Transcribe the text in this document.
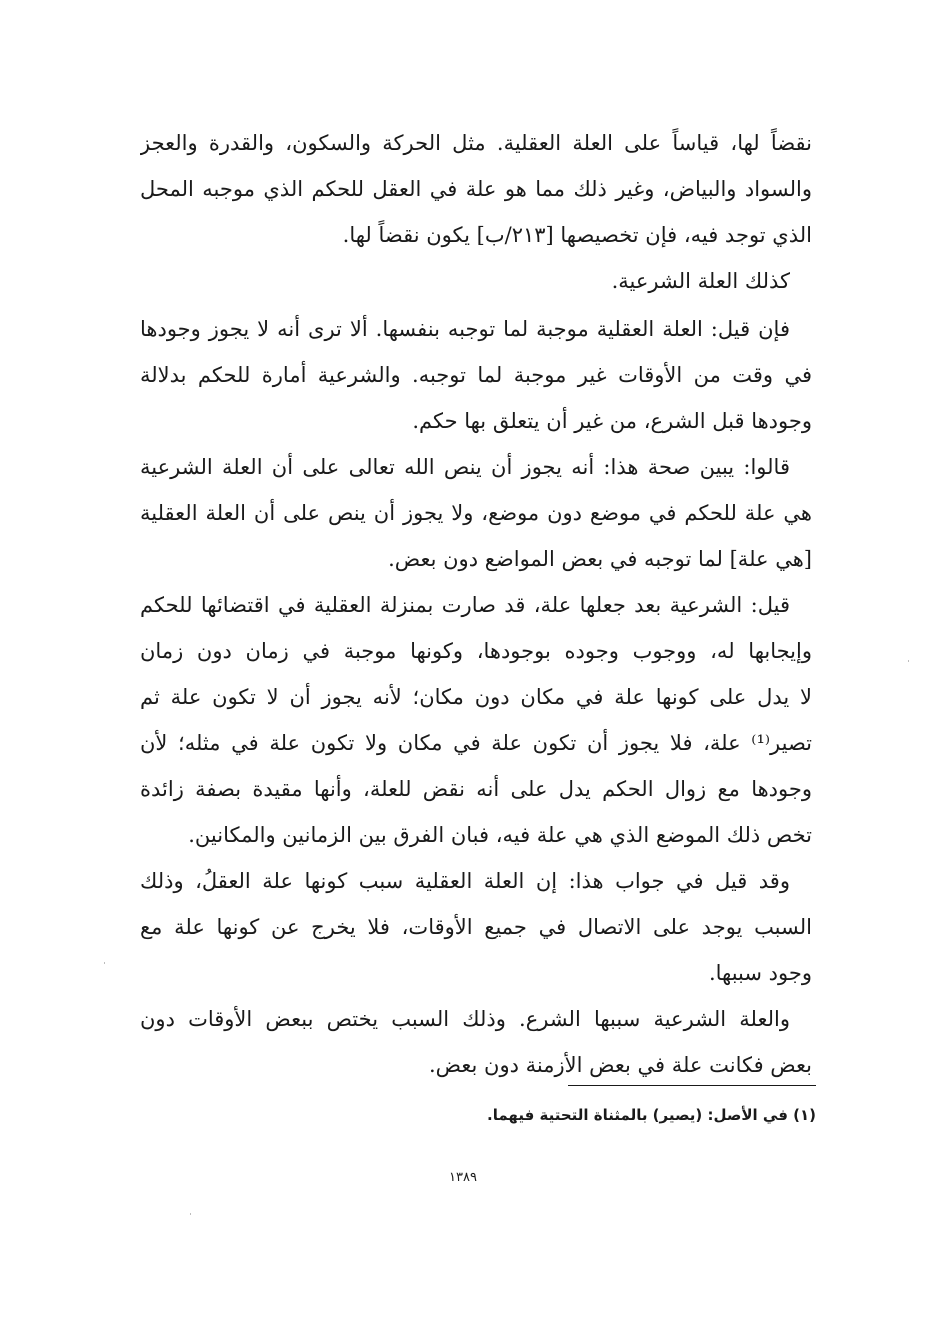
نقضاً لها، قياساً على العلة العقلية. مثل الحركة والسكون، والقدرة والعجز
والسواد والبياض، وغير ذلك مما هو علة في العقل للحكم الذي موجبه المحل
الذي توجد فيه، فإن تخصيصها [٢١٣/ب] يكون نقضاً لها.
كذلك العلة الشرعية.
فإن قيل: العلة العقلية موجبة لما توجبه بنفسها. ألا ترى أنه لا يجوز وجودها
في وقت من الأوقات غير موجبة لما توجبه. والشرعية أمارة للحكم بدلالة
وجودها قبل الشرع، من غير أن يتعلق بها حكم.
قالوا: يبين صحة هذا: أنه يجوز أن ينص الله تعالى على أن العلة الشرعية
هي علة للحكم في موضع دون موضع، ولا يجوز أن ينص على أن العلة العقلية
[هي علة] لما توجبه في بعض المواضع دون بعض.
قيل: الشرعية بعد جعلها علة، قد صارت بمنزلة العقلية في اقتضائها للحكم
وإيجابها له، ووجوب وجوده بوجودها، وكونها موجبة في زمان دون زمان
لا يدل على كونها علة في مكان دون مكان؛ لأنه يجوز أن لا تكون علة ثم
تصير⁽¹⁾ علة، فلا يجوز أن تكون علة في مكان ولا تكون علة في مثله؛ لأن
وجودها مع زوال الحكم يدل على أنه نقض للعلة، وأنها مقيدة بصفة زائدة
تخص ذلك الموضع الذي هي علة فيه، فبان الفرق بين الزمانين والمكانين.
وقد قيل في جواب هذا: إن العلة العقلية سبب كونها علة العقلُ، وذلك
السبب يوجد على الاتصال في جميع الأوقات، فلا يخرج عن كونها علة مع
وجود سببها.
والعلة الشرعية سببها الشرع. وذلك السبب يختص ببعض الأوقات دون
بعض فكانت علة في بعض الأزمنة دون بعض.
(١) في الأصل: (يصير) بالمثناة التحتية فيهما.
١٣٨٩
